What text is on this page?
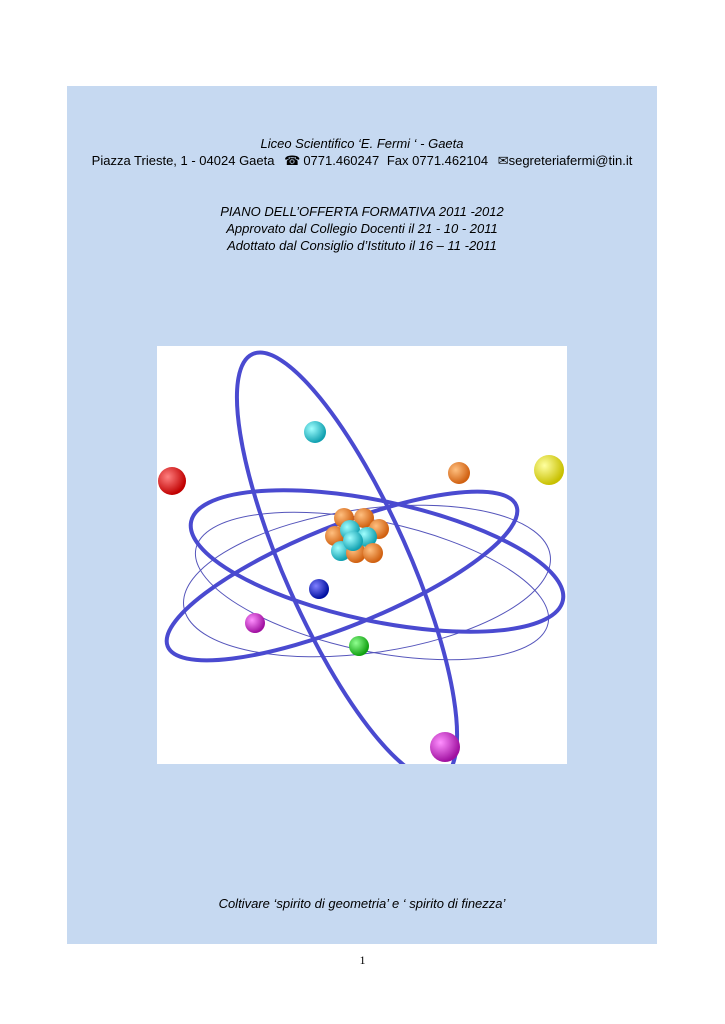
Liceo Scientifico ‘E. Fermi ‘ - Gaeta
Piazza Trieste, 1 - 04024 Gaeta ☎ 0771.460247 Fax 0771.462104 ✉segreteriafermi@tin.it
PIANO DELL’OFFERTA FORMATIVA 2011 -2012
Approvato dal Collegio Docenti il 21 - 10 - 2011
Adottato dal Consiglio d’Istituto il 16 – 11 -2011
Coltivare ‘spirito di geometria’ e ‘ spirito di finezza’
1
